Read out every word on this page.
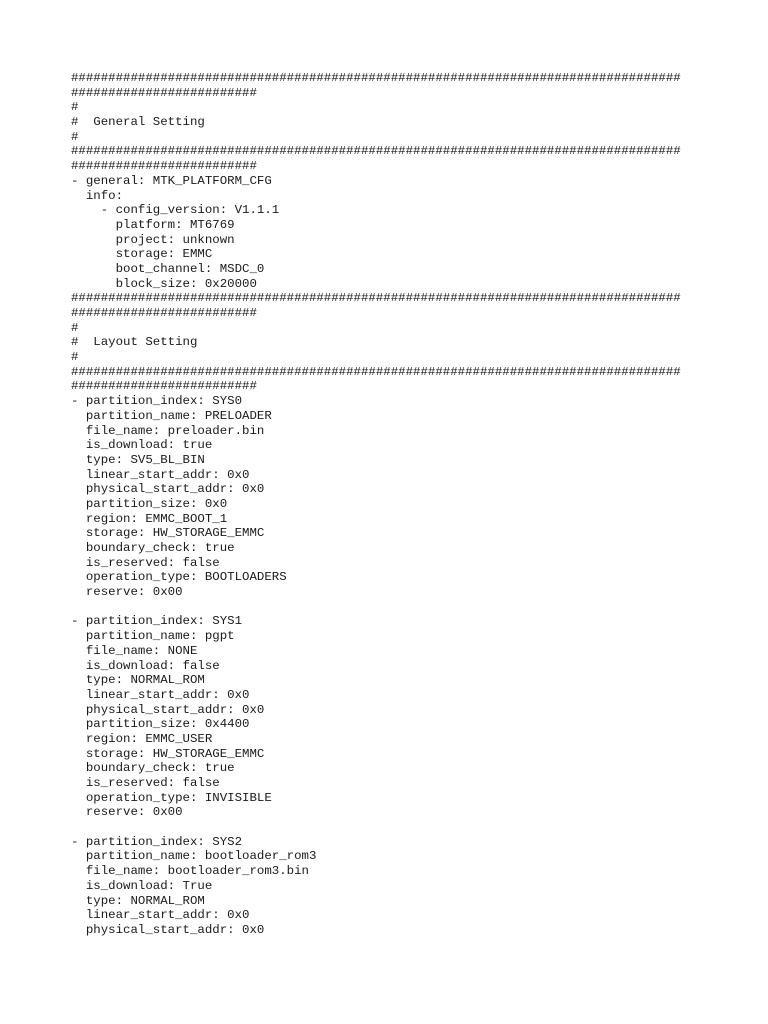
##################################################################################
#########################
#
#  General Setting
#
##################################################################################
#########################
- general: MTK_PLATFORM_CFG
info:
- config_version: V1.1.1
platform: MT6769
project: unknown
storage: EMMC
boot_channel: MSDC_0
block_size: 0x20000
##################################################################################
#########################
#
#  Layout Setting
#
##################################################################################
#########################
- partition_index: SYS0
partition_name: PRELOADER
file_name: preloader.bin
is_download: true
type: SV5_BL_BIN
linear_start_addr: 0x0
physical_start_addr: 0x0
partition_size: 0x0
region: EMMC_BOOT_1
storage: HW_STORAGE_EMMC
boundary_check: true
is_reserved: false
operation_type: BOOTLOADERS
reserve: 0x00
- partition_index: SYS1
partition_name: pgpt
file_name: NONE
is_download: false
type: NORMAL_ROM
linear_start_addr: 0x0
physical_start_addr: 0x0
partition_size: 0x4400
region: EMMC_USER
storage: HW_STORAGE_EMMC
boundary_check: true
is_reserved: false
operation_type: INVISIBLE
reserve: 0x00
- partition_index: SYS2
partition_name: bootloader_rom3
file_name: bootloader_rom3.bin
is_download: True
type: NORMAL_ROM
linear_start_addr: 0x0
physical_start_addr: 0x0
